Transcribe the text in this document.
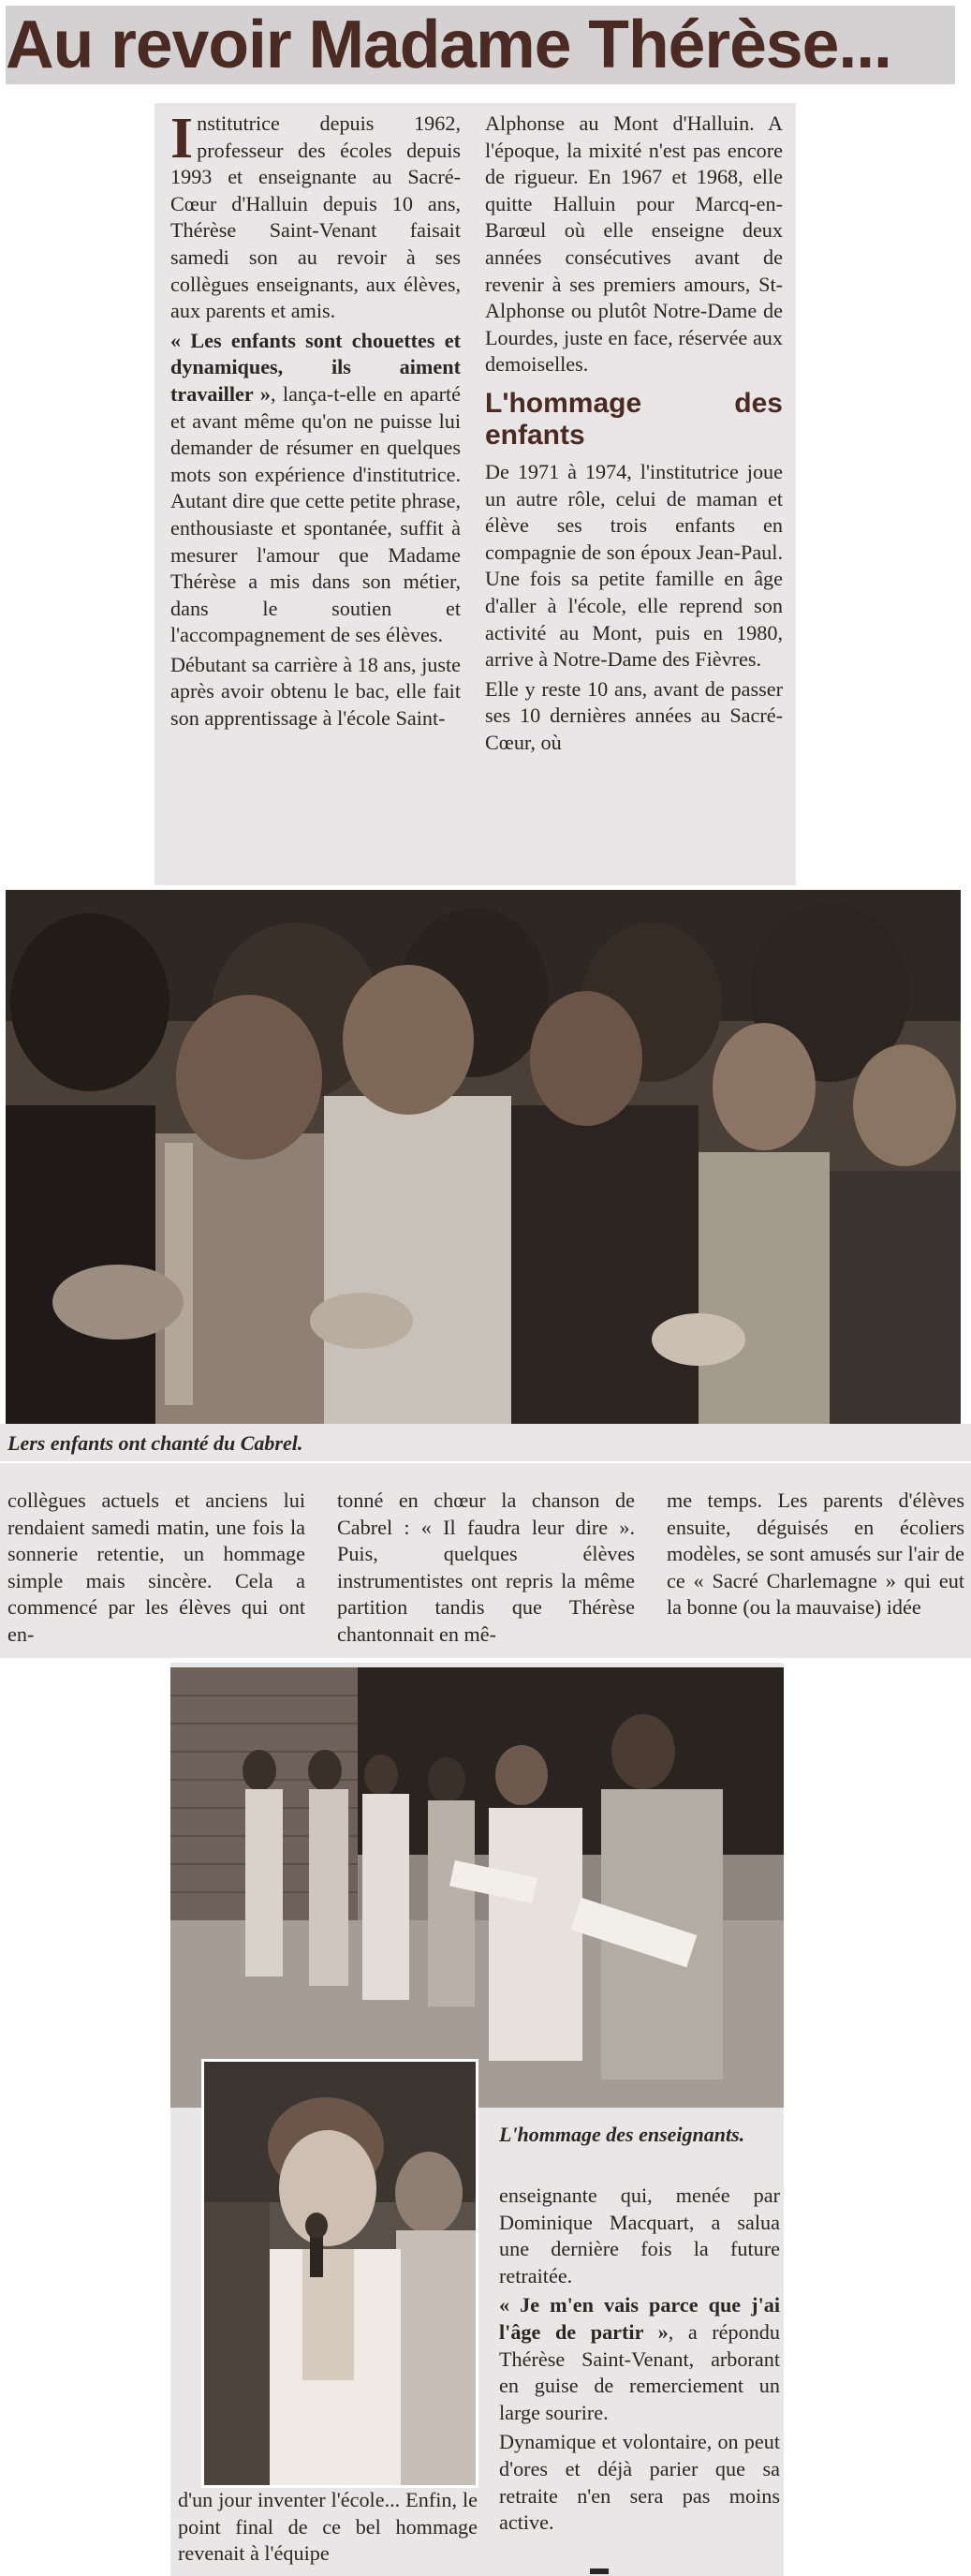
Au revoir Madame Thérèse...

Institutrice depuis 1962, professeur des écoles depuis 1993 et enseignante au Sacré-Cœur d'Halluin depuis 10 ans, Thérèse Saint-Venant faisait samedi son au revoir à ses collègues enseignants, aux élèves, aux parents et amis.

« Les enfants sont chouettes et dynamiques, ils aiment travailler », lança-t-elle en aparté et avant même qu'on ne puisse lui demander de résumer en quelques mots son expérience d'institutrice. Autant dire que cette petite phrase, enthousiaste et spontanée, suffit à mesurer l'amour que Madame Thérèse a mis dans son métier, dans le soutien et l'accompagnement de ses élèves.

Débutant sa carrière à 18 ans, juste après avoir obtenu le bac, elle fait son apprentissage à l'école Saint-

Alphonse au Mont d'Halluin. A l'époque, la mixité n'est pas encore de rigueur. En 1967 et 1968, elle quitte Halluin pour Marcq-en-Barœul où elle enseigne deux années consécutives avant de revenir à ses premiers amours, St-Alphonse ou plutôt Notre-Dame de Lourdes, juste en face, réservée aux demoiselles.

L'hommage des enfants

De 1971 à 1974, l'institutrice joue un autre rôle, celui de maman et élève ses trois enfants en compagnie de son époux Jean-Paul. Une fois sa petite famille en âge d'aller à l'école, elle reprend son activité au Mont, puis en 1980, arrive à Notre-Dame des Fièvres.

Elle y reste 10 ans, avant de passer ses 10 dernières années au Sacré-Cœur, où

Lers enfants ont chanté du Cabrel.
collègues actuels et anciens lui rendaient samedi matin, une fois la sonnerie retentie, un hommage simple mais sincère. Cela a commencé par les élèves qui ont en-
tonné en chœur la chanson de Cabrel : « Il faudra leur dire ». Puis, quelques élèves instrumentistes ont repris la même partition tandis que Thérèse chantonnait en mê-
me temps. Les parents d'élèves ensuite, déguisés en écoliers modèles, se sont amusés sur l'air de ce « Sacré Charlemagne » qui eut la bonne (ou la mauvaise) idée
L'hommage des enseignants.

enseignante qui, menée par Dominique Macquart, a salua une dernière fois la future retraitée.

« Je m'en vais parce que j'ai l'âge de partir », a répondu Thérèse Saint-Venant, arborant en guise de remerciement un large sourire.

Dynamique et volontaire, on peut d'ores et déjà parier que sa retraite n'en sera pas moins active.

d'un jour inventer l'école... Enfin, le point final de ce bel hommage revenait à l'équipe
